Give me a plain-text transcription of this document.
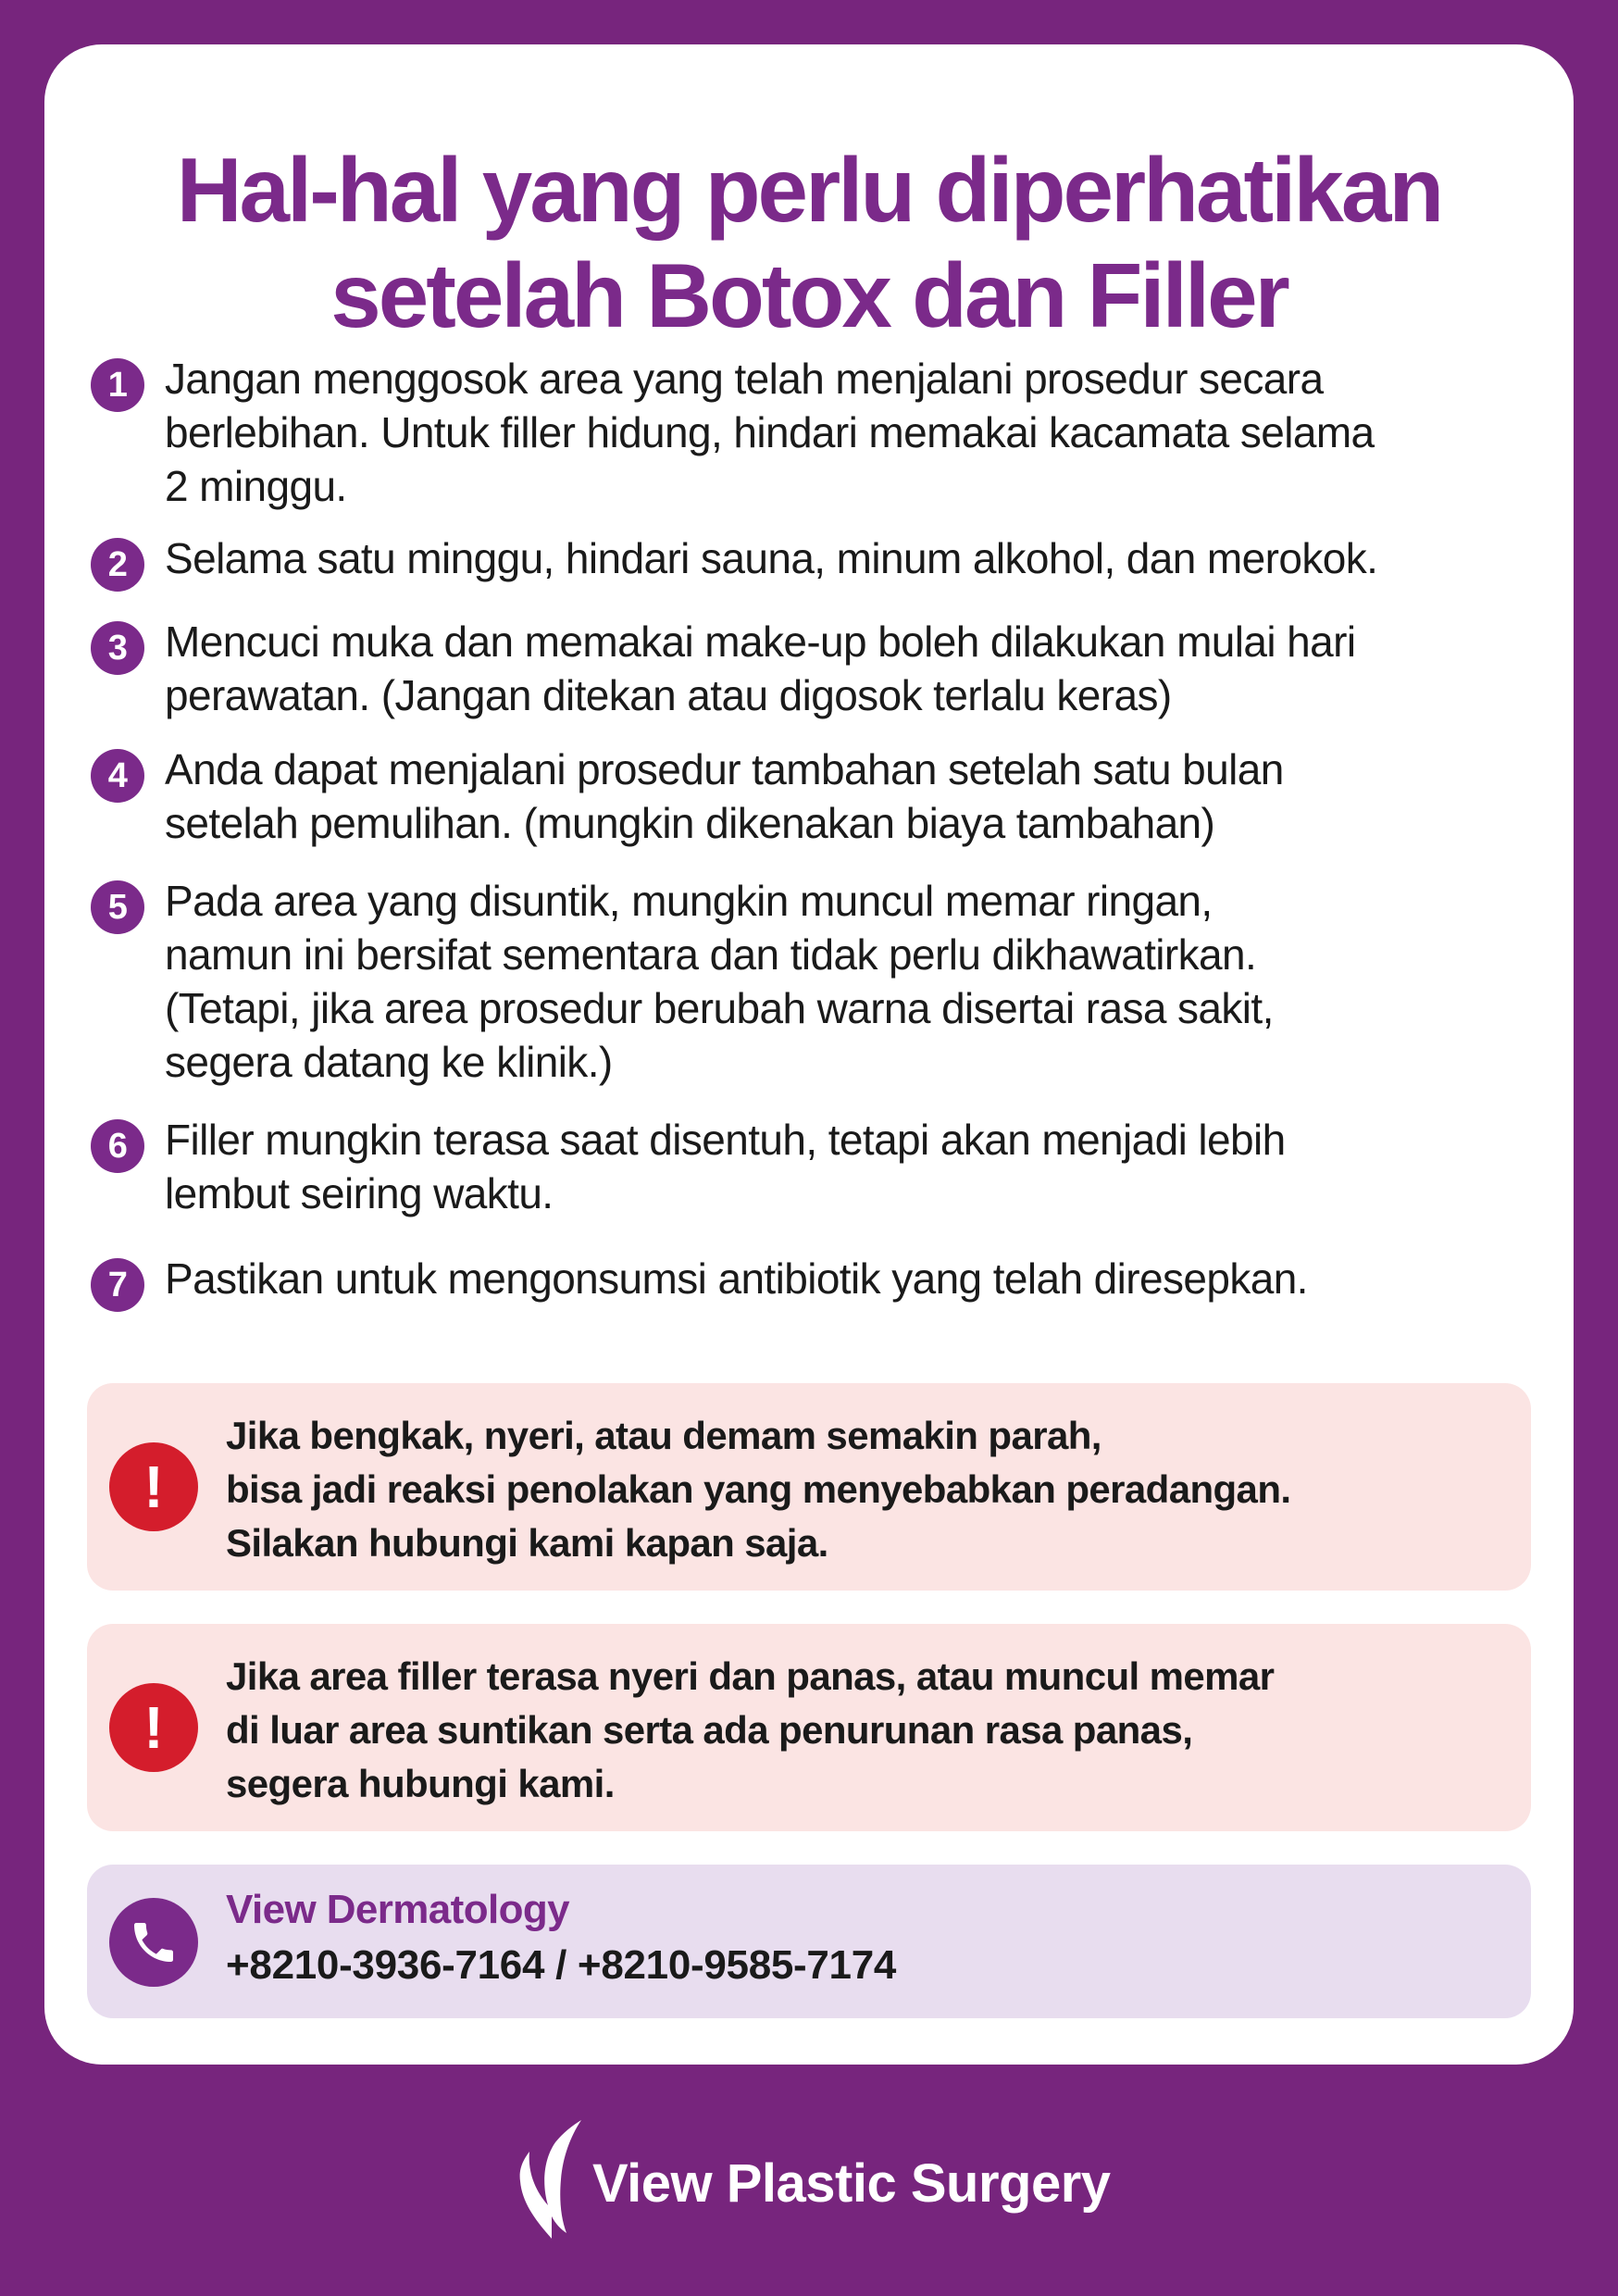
Hal-hal yang perlu diperhatikan
setelah Botox dan Filler
1 Jangan menggosok area yang telah menjalani prosedur secara
berlebihan. Untuk filler hidung, hindari memakai kacamata selama
2 minggu.
2 Selama satu minggu, hindari sauna, minum alkohol, dan merokok.
3 Mencuci muka dan memakai make-up boleh dilakukan mulai hari
perawatan. (Jangan ditekan atau digosok terlalu keras)
4 Anda dapat menjalani prosedur tambahan setelah satu bulan
setelah pemulihan. (mungkin dikenakan biaya tambahan)
5 Pada area yang disuntik, mungkin muncul memar ringan,
namun ini bersifat sementara dan tidak perlu dikhawatirkan.
(Tetapi, jika area prosedur berubah warna disertai rasa sakit,
segera datang ke klinik.)
6 Filler mungkin terasa saat disentuh, tetapi akan menjadi lebih
lembut seiring waktu.
7 Pastikan untuk mengonsumsi antibiotik yang telah diresepkan.
!
Jika bengkak, nyeri, atau demam semakin parah,
bisa jadi reaksi penolakan yang menyebabkan peradangan.
Silakan hubungi kami kapan saja.
!
Jika area filler terasa nyeri dan panas, atau muncul memar
di luar area suntikan serta ada penurunan rasa panas,
segera hubungi kami.
View Dermatology
+8210-3936-7164 / +8210-9585-7174
View Plastic Surgery
